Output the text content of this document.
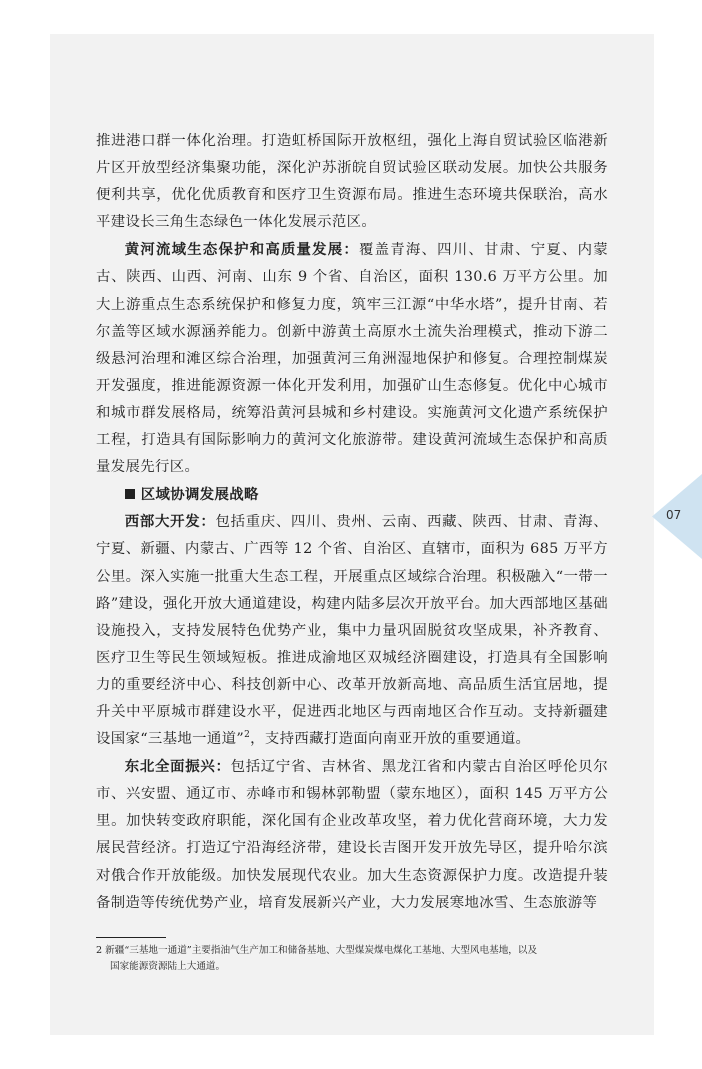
推进港口群一体化治理。打造虹桥国际开放枢纽，强化上海自贸试验区临港新片区开放型经济集聚功能，深化沪苏浙皖自贸试验区联动发展。加快公共服务便利共享，优化优质教育和医疗卫生资源布局。推进生态环境共保联治，高水平建设长三角生态绿色一体化发展示范区。

黄河流域生态保护和高质量发展：覆盖青海、四川、甘肃、宁夏、内蒙古、陕西、山西、河南、山东 9 个省、自治区，面积 130.6 万平方公里。加大上游重点生态系统保护和修复力度，筑牢三江源“中华水塔”，提升甘南、若尔盖等区域水源涵养能力。创新中游黄土高原水土流失治理模式，推动下游二级悬河治理和滩区综合治理，加强黄河三角洲湿地保护和修复。合理控制煤炭开发强度，推进能源资源一体化开发利用，加强矿山生态修复。优化中心城市和城市群发展格局，统筹沿黄河县城和乡村建设。实施黄河文化遗产系统保护工程，打造具有国际影响力的黄河文化旅游带。建设黄河流域生态保护和高质量发展先行区。

区域协调发展战略

西部大开发：包括重庆、四川、贵州、云南、西藏、陕西、甘肃、青海、宁夏、新疆、内蒙古、广西等 12 个省、自治区、直辖市，面积为 685 万平方公里。深入实施一批重大生态工程，开展重点区域综合治理。积极融入“一带一路”建设，强化开放大通道建设，构建内陆多层次开放平台。加大西部地区基础设施投入，支持发展特色优势产业，集中力量巩固脱贫攻坚成果，补齐教育、医疗卫生等民生领域短板。推进成渝地区双城经济圈建设，打造具有全国影响力的重要经济中心、科技创新中心、改革开放新高地、高品质生活宜居地，提升关中平原城市群建设水平，促进西北地区与西南地区合作互动。支持新疆建设国家“三基地一通道”$^2$，支持西藏打造面向南亚开放的重要通道。

东北全面振兴：包括辽宁省、吉林省、黑龙江省和内蒙古自治区呼伦贝尔市、兴安盟、通辽市、赤峰市和锡林郭勒盟（蒙东地区），面积 145 万平方公里。加快转变政府职能，深化国有企业改革攻坚，着力优化营商环境，大力发展民营经济。打造辽宁沿海经济带，建设长吉图开发开放先导区，提升哈尔滨对俄合作开放能级。加快发展现代农业。加大生态资源保护力度。改造提升装备制造等传统优势产业，培育发展新兴产业，大力发展寒地冰雪、生态旅游等

07
2 新疆“三基地一通道”主要指油气生产加工和储备基地、大型煤炭煤电煤化工基地、大型风电基地，以及
国家能源资源陆上大通道。
